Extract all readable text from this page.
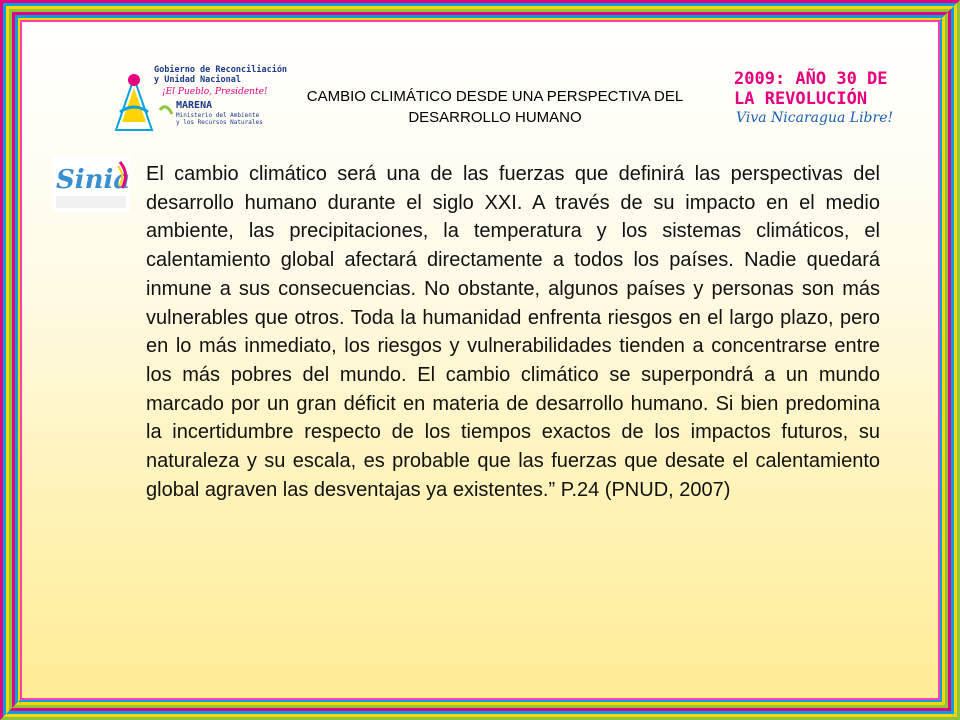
Gobierno de Reconciliación
y Unidad Nacional
¡El Pueblo, Presidente!
MARENA
Ministerio del Ambiente
y los Recursos Naturales
2009: AÑO 30 DE
LA REVOLUCIÓN
Viva Nicaragua Libre!
CAMBIO CLIMÁTICO DESDE UNA PERSPECTIVA DEL DESARROLLO HUMANO
Sinia El cambio climático será una de las fuerzas que definirá las perspectivas del desarrollo humano durante el siglo XXI. A través de su impacto en el medio ambiente, las precipitaciones, la temperatura y los sistemas climáticos, el calentamiento global afectará directamente a todos los países. Nadie quedará inmune a sus consecuencias. No obstante, algunos países y personas son más vulnerables que otros. Toda la humanidad enfrenta riesgos en el largo plazo, pero en lo más inmediato, los riesgos y vulnerabilidades tienden a concentrarse entre los más pobres del mundo. El cambio climático se superpondrá a un mundo marcado por un gran déficit en materia de desarrollo humano. Si bien predomina la incertidumbre respecto de los tiempos exactos de los impactos futuros, su naturaleza y su escala, es probable que las fuerzas que desate el calentamiento global agraven las desventajas ya existentes.” P.24 (PNUD, 2007)
